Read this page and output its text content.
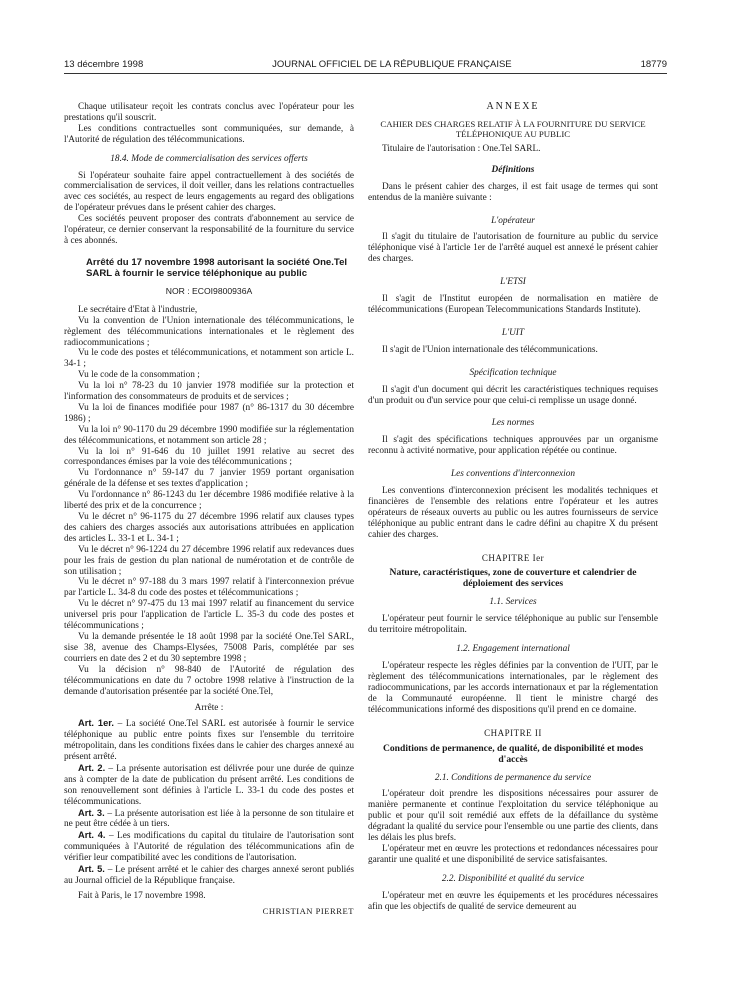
13 décembre 1998	JOURNAL OFFICIEL DE LA RÉPUBLIQUE FRANÇAISE	18779

Chaque utilisateur reçoit les contrats conclus avec l'opérateur pour les prestations qu'il souscrit.

Les conditions contractuelles sont communiquées, sur demande, à l'Autorité de régulation des télécommunications.

18.4. Mode de commercialisation des services offerts

Si l'opérateur souhaite faire appel contractuellement à des sociétés de commercialisation de services, il doit veiller, dans les relations contractuelles avec ces sociétés, au respect de leurs engagements au regard des obligations de l'opérateur prévues dans le présent cahier des charges.

Ces sociétés peuvent proposer des contrats d'abonnement au service de l'opérateur, ce dernier conservant la responsabilité de la fourniture du service à ces abonnés.

Arrêté du 17 novembre 1998 autorisant la société One.Tel SARL à fournir le service téléphonique au public
NOR : ECOI9800936A

Le secrétaire d'Etat à l'industrie,

Vu la convention de l'Union internationale des télécommunications, le règlement des télécommunications internationales et le règlement des radiocommunications ;

Vu le code des postes et télécommunications, et notamment son article L. 34-1 ;

Vu le code de la consommation ;

Vu la loi n° 78-23 du 10 janvier 1978 modifiée sur la protection et l'information des consommateurs de produits et de services ;

Vu la loi de finances modifiée pour 1987 (n° 86-1317 du 30 décembre 1986) ;

Vu la loi n° 90-1170 du 29 décembre 1990 modifiée sur la réglementation des télécommunications, et notamment son article 28 ;

Vu la loi n° 91-646 du 10 juillet 1991 relative au secret des correspondances émises par la voie des télécommunications ;

Vu l'ordonnance n° 59-147 du 7 janvier 1959 portant organisation générale de la défense et ses textes d'application ;

Vu l'ordonnance n° 86-1243 du 1er décembre 1986 modifiée relative à la liberté des prix et de la concurrence ;

Vu le décret n° 96-1175 du 27 décembre 1996 relatif aux clauses types des cahiers des charges associés aux autorisations attribuées en application des articles L. 33-1 et L. 34-1 ;

Vu le décret n° 96-1224 du 27 décembre 1996 relatif aux redevances dues pour les frais de gestion du plan national de numérotation et de contrôle de son utilisation ;

Vu le décret n° 97-188 du 3 mars 1997 relatif à l'interconnexion prévue par l'article L. 34-8 du code des postes et télécommunications ;

Vu le décret n° 97-475 du 13 mai 1997 relatif au financement du service universel pris pour l'application de l'article L. 35-3 du code des postes et télécommunications ;

Vu la demande présentée le 18 août 1998 par la société One.Tel SARL, sise 38, avenue des Champs-Elysées, 75008 Paris, complétée par ses courriers en date des 2 et du 30 septembre 1998 ;

Vu la décision n° 98-840 de l'Autorité de régulation des télécommunications en date du 7 octobre 1998 relative à l'instruction de la demande d'autorisation présentée par la société One.Tel,

Arrête :

Art. 1er. – La société One.Tel SARL est autorisée à fournir le service téléphonique au public entre points fixes sur l'ensemble du territoire métropolitain, dans les conditions fixées dans le cahier des charges annexé au présent arrêté.

Art. 2. – La présente autorisation est délivrée pour une durée de quinze ans à compter de la date de publication du présent arrêté. Les conditions de son renouvellement sont définies à l'article L. 33-1 du code des postes et télécommunications.

Art. 3. – La présente autorisation est liée à la personne de son titulaire et ne peut être cédée à un tiers.

Art. 4. – Les modifications du capital du titulaire de l'autorisation sont communiquées à l'Autorité de régulation des télécommunications afin de vérifier leur compatibilité avec les conditions de l'autorisation.

Art. 5. – Le présent arrêté et le cahier des charges annexé seront publiés au Journal officiel de la République française.

Fait à Paris, le 17 novembre 1998.

CHRISTIAN PIERRET
ANNEXE
CAHIER DES CHARGES RELATIF À LA FOURNITURE DU SERVICE TÉLÉPHONIQUE AU PUBLIC

Titulaire de l'autorisation : One.Tel SARL.

Définitions

Dans le présent cahier des charges, il est fait usage de termes qui sont entendus de la manière suivante :

L'opérateur

Il s'agit du titulaire de l'autorisation de fourniture au public du service téléphonique visé à l'article 1er de l'arrêté auquel est annexé le présent cahier des charges.

L'ETSI

Il s'agit de l'Institut européen de normalisation en matière de télécommunications (European Telecommunications Standards Institute).

L'UIT

Il s'agit de l'Union internationale des télécommunications.

Spécification technique

Il s'agit d'un document qui décrit les caractéristiques techniques requises d'un produit ou d'un service pour que celui-ci remplisse un usage donné.

Les normes

Il s'agit des spécifications techniques approuvées par un organisme reconnu à activité normative, pour application répétée ou continue.

Les conventions d'interconnexion

Les conventions d'interconnexion précisent les modalités techniques et financières de l'ensemble des relations entre l'opérateur et les autres opérateurs de réseaux ouverts au public ou les autres fournisseurs de service téléphonique au public entrant dans le cadre défini au chapitre X du présent cahier des charges.

CHAPITRE Ier
Nature, caractéristiques, zone de couverture et calendrier de déploiement des services

1.1. Services

L'opérateur peut fournir le service téléphonique au public sur l'ensemble du territoire métropolitain.

1.2. Engagement international

L'opérateur respecte les règles définies par la convention de l'UIT, par le règlement des télécommunications internationales, par le règlement des radiocommunications, par les accords internationaux et par la réglementation de la Communauté européenne. Il tient le ministre chargé des télécommunications informé des dispositions qu'il prend en ce domaine.

CHAPITRE II
Conditions de permanence, de qualité, de disponibilité et modes d'accès

2.1. Conditions de permanence du service

L'opérateur doit prendre les dispositions nécessaires pour assurer de manière permanente et continue l'exploitation du service téléphonique au public et pour qu'il soit remédié aux effets de la défaillance du système dégradant la qualité du service pour l'ensemble ou une partie des clients, dans les délais les plus brefs.

L'opérateur met en œuvre les protections et redondances nécessaires pour garantir une qualité et une disponibilité de service satisfaisantes.

2.2. Disponibilité et qualité du service

L'opérateur met en œuvre les équipements et les procédures nécessaires afin que les objectifs de qualité de service demeurent au
